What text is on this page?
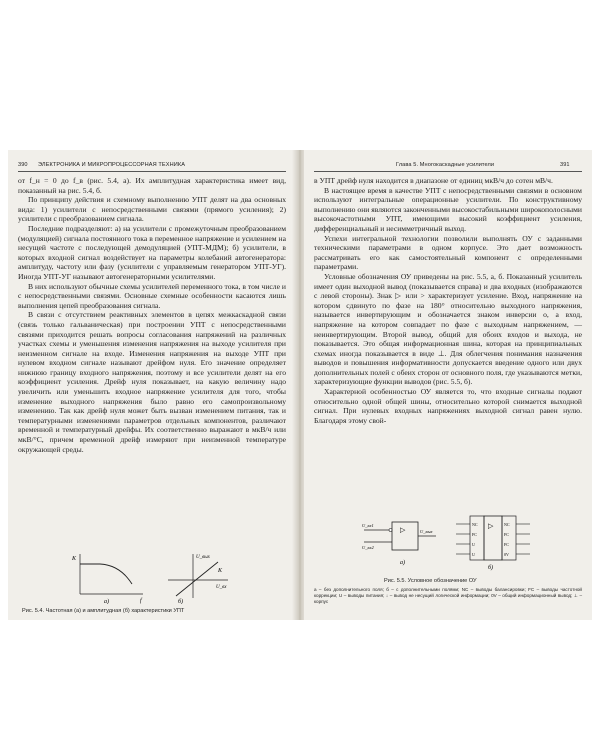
390 ЭЛЕКТРОНИКА И МИКРОПРОЦЕССОРНАЯ ТЕХНИКА

от f_н = 0 до f_в (рис. 5.4, а). Их амплитудная характеристика имеет вид, показанный на рис. 5.4, б.

По принципу действия и схемному выполнению УПТ делят на два основных вида: 1) усилители с непосредственными связями (прямого усиления); 2) усилители с преобразованием сигнала.

Последние подразделяют: а) на усилители с промежуточным преобразованием (модуляцией) сигнала постоянного тока в переменное напряжение и усилением на несущей частоте с последующей демодуляцией (УПТ-МДМ); б) усилители, в которых входной сигнал воздействует на параметры колебаний автогенератора: амплитуду, частоту или фазу (усилители с управляемым генератором УПТ-УГ). Иногда УПТ-УГ называют автогенераторными усилителями.

В них используют обычные схемы усилителей переменного тока, в том числе и с непосредственными связями. Основные схемные особенности касаются лишь выполнения цепей преобразования сигнала.

В связи с отсутствием реактивных элементов в цепях межкаскадной связи (связь только гальваническая) при построении УПТ с непосредственными связями приходится решать вопросы согласования напряжений на различных участках схемы и уменьшения изменения напряжения на выходе усилителя при неизменном сигнале на входе. Изменения напряжения на выходе УПТ при нулевом входном сигнале называют дрейфом нуля. Его значение определяет нижнюю границу входного напряжения, поэтому и все усилители делят на его коэффициент усиления. Дрейф нуля показывает, на какую величину надо увеличить или уменьшить входное напряжение усилителя для того, чтобы изменение выходного напряжения было равно его самопроизвольному изменению. Так как дрейф нуля может быть вызван изменением питания, так и температурными изменениями параметров отдельных компонентов, различают временной и температурный дрейфы. Их соответственно выражают в мкВ/ч или мкВ/°C, причем временной дрейф измеряют при неизменной температуре окружающей среды.

K
f
а)
U_вых
U_вх
K
б)
Рис. 5.4. Частотная (а) и амплитудная (б) характеристики УПТ
Глава 5. Многокаскадные усилители	391

в УПТ дрейф нуля находится в диапазоне от единиц мкВ/ч до сотен мВ/ч.

В настоящее время в качестве УПТ с непосредственными связями в основном используют интегральные операционные усилители. По конструктивному выполнению они являются законченными высокостабильными широкополосными высокочастотными УПТ, имеющими высокий коэффициент усиления, дифференциальный и несимметричный выход.

Успехи интегральной технологии позволили выполнять ОУ с заданными техническими параметрами в одном корпусе. Это дает возможность рассматривать его как самостоятельный компонент с определенными параметрами.

Условные обозначения ОУ приведены на рис. 5.5, а, б. Показанный усилитель имеет один выходной вывод (показывается справа) и два входных (изображаются с левой стороны). Знак ▷ или > характеризует усиление. Вход, напряжение на котором сдвинуто по фазе на 180° относительно выходного напряжения, называется инвертирующим и обозначается знаком инверсии о, а вход, напряжение на котором совпадает по фазе с выходным напряжением, — неинвертирующим. Второй вывод, общий для обоих входов и выхода, не показывается. Это общая информационная шина, которая на принципиальных схемах иногда показывается в виде ⊥. Для облегчения понимания назначения выводов и повышения информативности допускается введение одного или двух дополнительных полей с обеих сторон от основного поля, где указываются метки, характеризующие функции выводов (рис. 5.5, б).

Характерной особенностью ОУ является то, что входные сигналы подают относительно одной общей шины, относительно которой снимается выходной сигнал. При нулевых входных напряжениях выходной сигнал равен нулю. Благодаря этому свой-

U_вх1
U_вх2
U_вых
▷
а)
NC
FC
U
U
NC
FC
FC
0V
▷
б)
Рис. 5.5. Условное обозначение ОУ
а – без дополнительного поля; б – с дополнительными полями; NC – выводы балансировки; FC – выводы частотной коррекции; U – выводы питания; ↓ – вывод не несущий логической информации; 0V – общий информационный вывод; ⊥ – корпус
